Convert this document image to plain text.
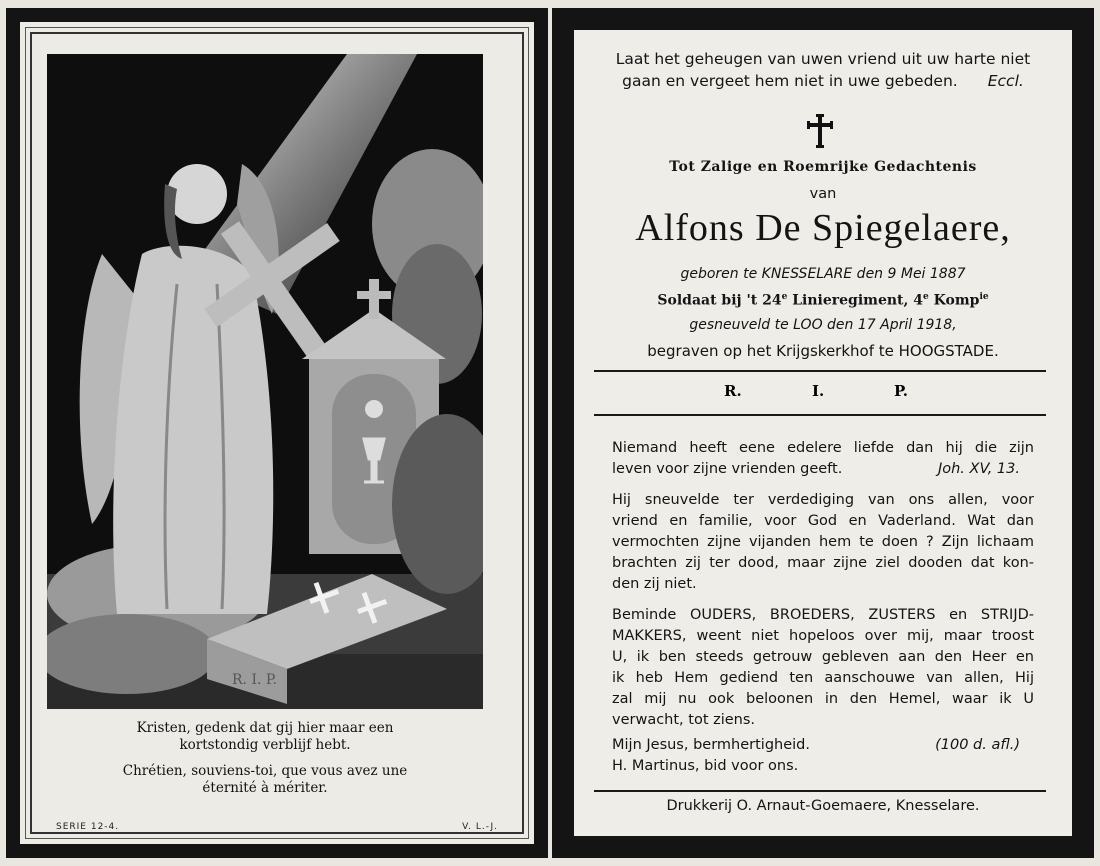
R. I. P.
Kristen, gedenk dat gij hier maar een
kortstondig verblijf hebt.
Chrétien, souviens-toi, que vous avez une
éternité à mériter.
SERIE 12-4.	V. L.-J.
Laat het geheugen van uwen vriend uit uw harte niet
gaan en vergeet hem niet in uwe gebeden. Eccl.
Tot Zalige en Roemrijke Gedachtenis
van
Alfons De Spiegelaere,
geboren te KNESSELARE den 9 Mei 1887
Soldaat bij 't 24e Linieregiment, 4e Komp$^{ie}$
gesneuveld te LOO den 17 April 1918,
begraven op het Krijgskerkhof te HOOGSTADE.
R.	I.	P.
Niemand heeft eene edelere liefde dan hij die zijn
leven voor zijne vrienden geeft.	Joh. XV, 13.
Hij sneuvelde ter verdediging van ons allen, voor
vriend en familie, voor God en Vaderland. Wat dan
vermochten zijne vijanden hem te doen ? Zijn lichaam
brachten zij ter dood, maar zijne ziel dooden dat kon-
den zij niet.
Beminde OUDERS, BROEDERS, ZUSTERS en STRIJD-
MAKKERS, weent niet hopeloos over mij, maar troost
U, ik ben steeds getrouw gebleven aan den Heer en
ik heb Hem gediend ten aanschouwe van allen, Hij
zal mij nu ook beloonen in den Hemel, waar ik U
verwacht, tot ziens.
Mijn Jesus, bermhertigheid.	(100 d. afl.)
H. Martinus, bid voor ons.
Drukkerij O. Arnaut-Goemaere, Knesselare.
